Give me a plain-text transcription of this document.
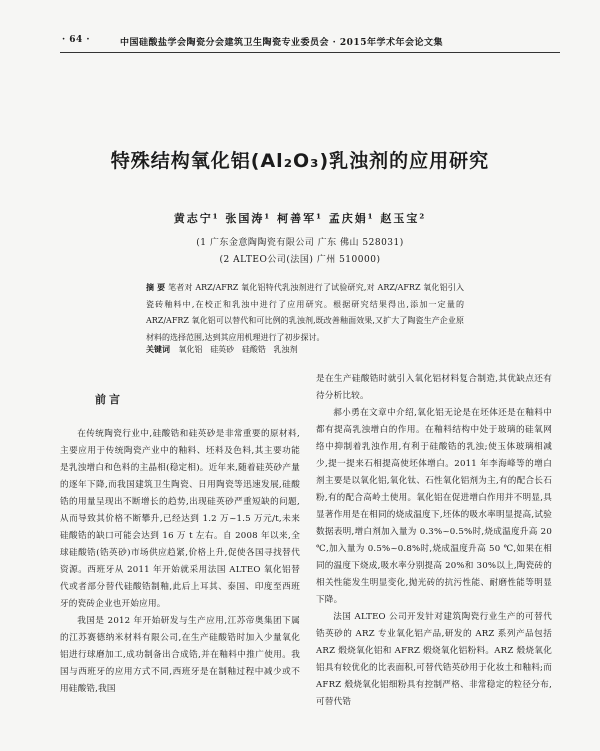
· 64 ·	中国硅酸盐学会陶瓷分会建筑卫生陶瓷专业委员会 · 2015年学术年会论文集
特殊结构氧化铝(Al₂O₃)乳浊剂的应用研究
黄志宁¹ 张国涛¹ 柯善军¹ 孟庆娟¹ 赵玉宝²
(1 广东金意陶陶瓷有限公司 广东 佛山 528031)
(2 ALTEO公司(法国) 广州 510000)
摘 要 笔者对 ARZ/AFRZ 氧化铝特代乳浊剂进行了试验研究,对 ARZ/AFRZ 氧化铝引入瓷砖釉料中,在校正和乳浊中进行了应用研究。根据研究结果得出,添加一定量的 ARZ/AFRZ 氧化铝可以替代和可比例的乳浊剂,既改善釉面效果,又扩大了陶瓷生产企业原材料的选择范围,达到其应用机理进行了初步探讨。
关键词 氧化铝 硅英砂 硅酸锆 乳浊剂
前言

在传统陶瓷行业中,硅酸锆和硅英砂是非常重要的原材料,主要应用于传统陶瓷产业中的釉料、坯料及色料,其主要功能是乳浊增白和色料的主晶相(稳定相)。近年来,随着硅英砂产量的逐年下降,而我国建筑卫生陶瓷、日用陶瓷等迅速发展,硅酸锆的用量呈现出不断增长的趋势,出现硅英砂严重短缺的问题,从而导致其价格不断攀升,已经达到 1.2 万~1.5 万元/t,未来硅酸锆的缺口可能会达到 16 万 t 左右。自 2008 年以来,全球硅酸锆(锆英砂)市场供应趋紧,价格上升,促使各国寻找替代资源。西班牙从 2011 年开始就采用法国 ALTEO 氧化铝替代或者部分替代硅酸锆制釉,此后上耳其、泰国、印度至西班牙的瓷砖企业也开始应用。

我国是 2012 年开始研发与生产应用,江苏帝奥集团下属的江苏赛德纳米材料有限公司,在生产硅酸锆时加入少量氧化铝进行球磨加工,成功制备出合成锆,并在釉料中推广使用。我国与西班牙的应用方式不同,西班牙是在制釉过程中减少或不用硅酸锆,我国

是在生产硅酸锆时就引入氧化铝材料复合制造,其优缺点还有待分析比较。

郝小勇在文章中介绍,氧化铝无论是在坯体还是在釉料中都有提高乳浊增白的作用。在釉料结构中处于玻璃的硅氧网络中抑制着乳浊作用,有利于硅酸锆的乳浊;使玉体玻璃相减少,提一提来石相提高使坯体增白。2011 年李海峰等的增白剂主要是以氧化铝,氧化钛、石性氧化铝剂为主,有的配合长石粉,有的配合高岭土使用。氧化铝在促进增白作用并不明显,具显著作用是在相同的烧成温度下,坯体的吸水率明显提高,试验数据表明,增白剂加入量为 0.3%~0.5%时,烧成温度升高 20 ℃,加入量为 0.5%~0.8%时,烧成温度升高 50 ℃,如果在相同的温度下烧成,吸水率分别提高 20%和 30%以上,陶瓷砖的相关性能发生明显变化,抛光砖的抗污性能、耐磨性能等明显下降。

法国 ALTEO 公司开发针对建筑陶瓷行业生产的可替代锆英砂的 ARZ 专业氧化铝产品,研发的 ARZ 系列产品包括 ARZ 煅烧氧化铝和 AFRZ 煅烧氧化铝粉料。ARZ 煅烧氧化铝具有较优化的比表面积,可替代锆英砂用于化妆土和釉料;而 AFRZ 煅烧氧化铝细粉具有控制严格、非常稳定的粒径分布,可替代锆
